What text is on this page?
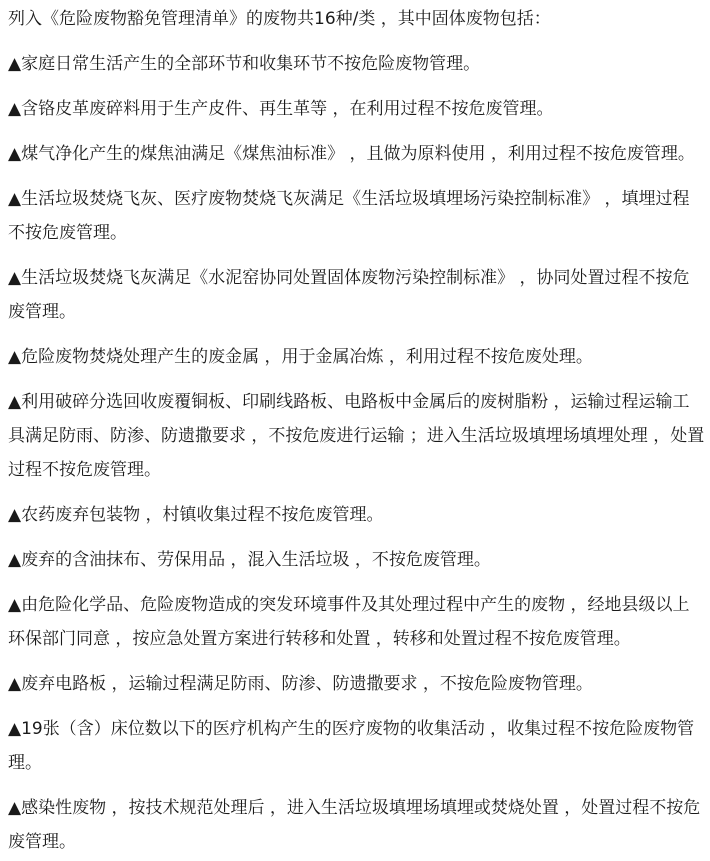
列入《危险废物豁免管理清单》的废物共16种/类 ，其中固体废物包括：

▲家庭日常生活产生的全部环节和收集环节不按危险废物管理。

▲含铬皮革废碎料用于生产皮件、再生革等 ，在利用过程不按危废管理。

▲煤气净化产生的煤焦油满足《煤焦油标准》 ，且做为原料使用 ，利用过程不按危废管理。

▲生活垃圾焚烧飞灰、医疗废物焚烧飞灰满足《生活垃圾填埋场污染控制标准》 ，填埋过程不按危废管理。

▲生活垃圾焚烧飞灰满足《水泥窑协同处置固体废物污染控制标准》 ，协同处置过程不按危废管理。

▲危险废物焚烧处理产生的废金属 ，用于金属冶炼 ，利用过程不按危废处理。

▲利用破碎分选回收废覆铜板、印刷线路板、电路板中金属后的废树脂粉 ，运输过程运输工具满足防雨、防渗、防遗撒要求 ，不按危废进行运输 ；进入生活垃圾填埋场填埋处理 ，处置过程不按危废管理。

▲农药废弃包装物 ，村镇收集过程不按危废管理。

▲废弃的含油抹布、劳保用品 ，混入生活垃圾 ，不按危废管理。

▲由危险化学品、危险废物造成的突发环境事件及其处理过程中产生的废物 ，经地县级以上环保部门同意 ，按应急处置方案进行转移和处置 ，转移和处置过程不按危废管理。

▲废弃电路板 ，运输过程满足防雨、防渗、防遗撒要求 ，不按危险废物管理。

▲19张（含）床位数以下的医疗机构产生的医疗废物的收集活动 ，收集过程不按危险废物管理。

▲感染性废物 ，按技术规范处理后 ，进入生活垃圾填埋场填埋或焚烧处置 ，处置过程不按危废管理。
